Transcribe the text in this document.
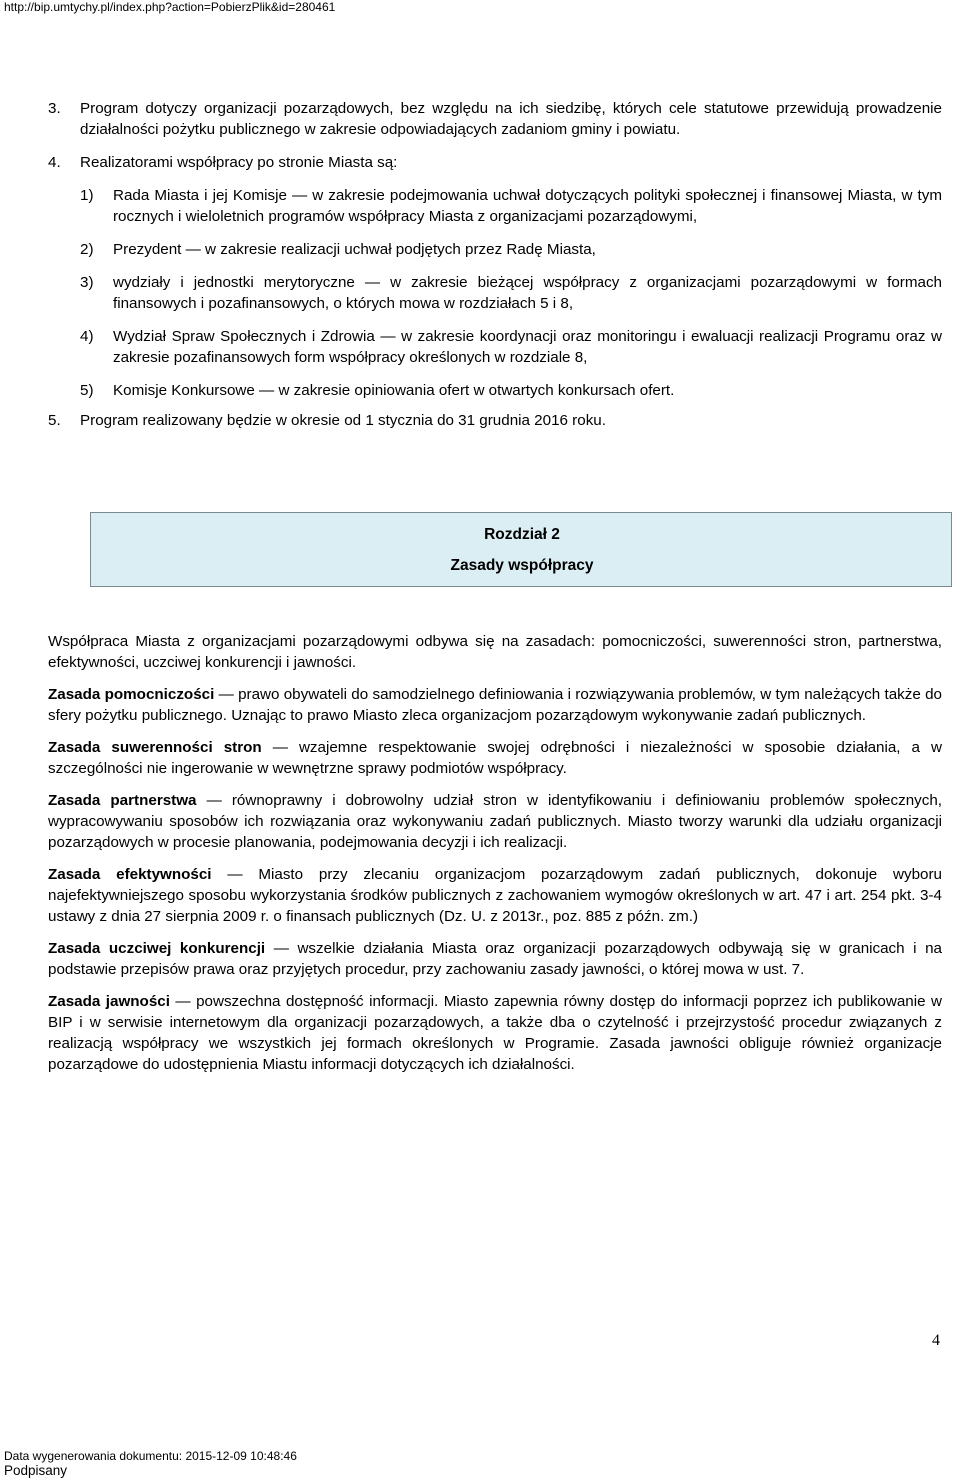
http://bip.umtychy.pl/index.php?action=PobierzPlik&id=280461
3. Program dotyczy organizacji pozarządowych, bez względu na ich siedzibę, których cele statutowe przewidują prowadzenie działalności pożytku publicznego w zakresie odpowiadających zadaniom gminy i powiatu.
4. Realizatorami współpracy po stronie Miasta są:
1) Rada Miasta i jej Komisje — w zakresie podejmowania uchwał dotyczących polityki społecznej i finansowej Miasta, w tym rocznych i wieloletnich programów współpracy Miasta z organizacjami pozarządowymi,
2) Prezydent — w zakresie realizacji uchwał podjętych przez Radę Miasta,
3) wydziały i jednostki merytoryczne — w zakresie bieżącej współpracy z organizacjami pozarządowymi w formach finansowych i pozafinansowych, o których mowa w rozdziałach 5 i 8,
4) Wydział Spraw Społecznych i Zdrowia — w zakresie koordynacji oraz monitoringu i ewaluacji realizacji Programu oraz w zakresie pozafinansowych form współpracy określonych w rozdziale 8,
5) Komisje Konkursowe — w zakresie opiniowania ofert w otwartych konkursach ofert.
5. Program realizowany będzie w okresie od 1 stycznia do 31 grudnia 2016 roku.
Rozdział 2
Zasady współpracy

Współpraca Miasta z organizacjami pozarządowymi odbywa się na zasadach: pomocniczości, suwerenności stron, partnerstwa, efektywności, uczciwej konkurencji i jawności.

Zasada pomocniczości — prawo obywateli do samodzielnego definiowania i rozwiązywania problemów, w tym należących także do sfery pożytku publicznego. Uznając to prawo Miasto zleca organizacjom pozarządowym wykonywanie zadań publicznych.

Zasada suwerenności stron — wzajemne respektowanie swojej odrębności i niezależności w sposobie działania, a w szczególności nie ingerowanie w wewnętrzne sprawy podmiotów współpracy.

Zasada partnerstwa — równoprawny i dobrowolny udział stron w identyfikowaniu i definiowaniu problemów społecznych, wypracowywaniu sposobów ich rozwiązania oraz wykonywaniu zadań publicznych. Miasto tworzy warunki dla udziału organizacji pozarządowych w procesie planowania, podejmowania decyzji i ich realizacji.

Zasada efektywności — Miasto przy zlecaniu organizacjom pozarządowym zadań publicznych, dokonuje wyboru najefektywniejszego sposobu wykorzystania środków publicznych z zachowaniem wymogów określonych w art. 47 i art. 254 pkt. 3-4 ustawy z dnia 27 sierpnia 2009 r. o finansach publicznych (Dz. U. z 2013r., poz. 885 z późn. zm.)

Zasada uczciwej konkurencji — wszelkie działania Miasta oraz organizacji pozarządowych odbywają się w granicach i na podstawie przepisów prawa oraz przyjętych procedur, przy zachowaniu zasady jawności, o której mowa w ust. 7.

Zasada jawności — powszechna dostępność informacji. Miasto zapewnia równy dostęp do informacji poprzez ich publikowanie w BIP i w serwisie internetowym dla organizacji pozarządowych, a także dba o czytelność i przejrzystość procedur związanych z realizacją współpracy we wszystkich jej formach określonych w Programie. Zasada jawności obliguje również organizacje pozarządowe do udostępnienia Miastu informacji dotyczących ich działalności.

4
Data wygenerowania dokumentu: 2015-12-09 10:48:46
Podpisany
